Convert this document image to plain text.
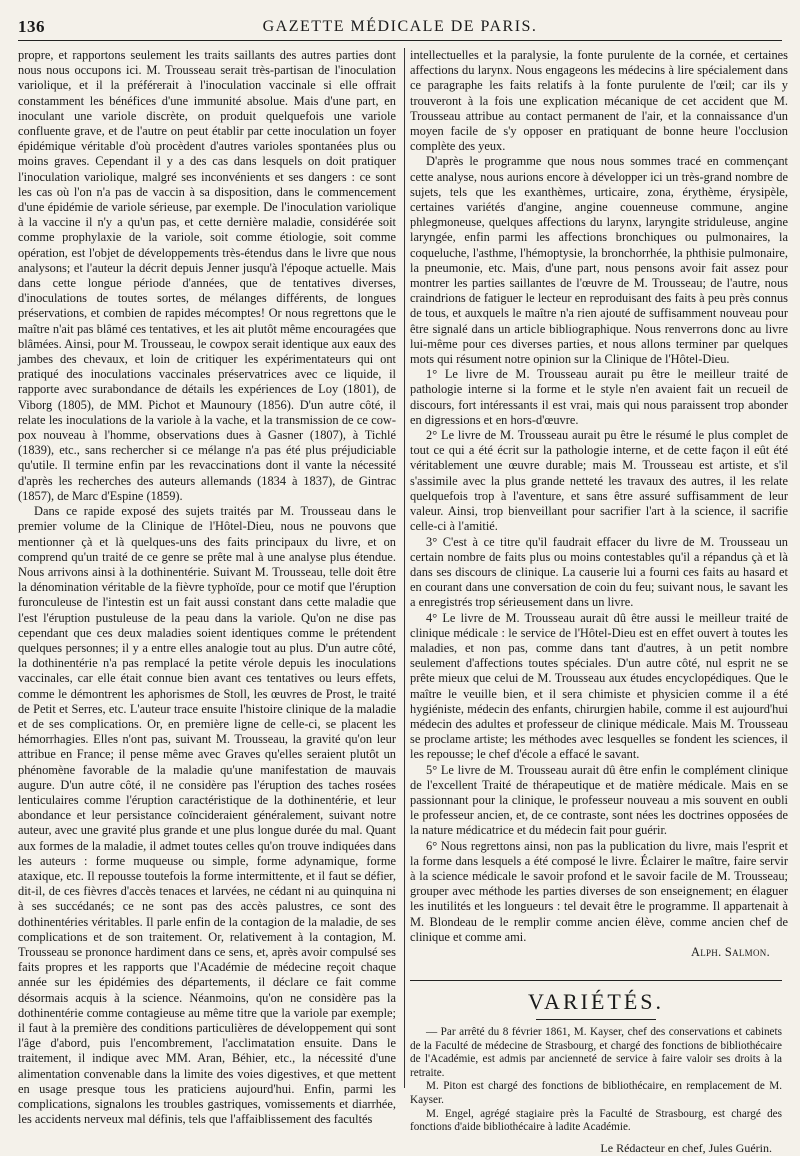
136	GAZETTE MÉDICALE DE PARIS.

propre, et rapportons seulement les traits saillants des autres parties dont nous nous occupons ici. M. Trousseau serait très-partisan de l'inoculation variolique, et il la préférerait à l'inoculation vaccinale si elle offrait constamment les bénéfices d'une immunité absolue. Mais d'une part, en inoculant une variole discrète, on produit quelquefois une variole confluente grave, et de l'autre on peut établir par cette inoculation un foyer épidémique véritable d'où procèdent d'autres varioles spontanées plus ou moins graves. Cependant il y a des cas dans lesquels on doit pratiquer l'inoculation variolique, malgré ses inconvénients et ses dangers : ce sont les cas où l'on n'a pas de vaccin à sa disposition, dans le commencement d'une épidémie de variole sérieuse, par exemple. De l'inoculation variolique à la vaccine il n'y a qu'un pas, et cette dernière maladie, considérée soit comme prophylaxie de la variole, soit comme étiologie, soit comme opération, est l'objet de développements très-étendus dans le livre que nous analysons; et l'auteur la décrit depuis Jenner jusqu'à l'époque actuelle. Mais dans cette longue période d'années, que de tentatives diverses, d'inoculations de toutes sortes, de mélanges différents, de longues préservations, et combien de rapides mécomptes! Or nous regrettons que le maître n'ait pas blâmé ces tentatives, et les ait plutôt même encouragées que blâmées. Ainsi, pour M. Trousseau, le cowpox serait identique aux eaux des jambes des chevaux, et loin de critiquer les expérimentateurs qui ont pratiqué des inoculations vaccinales préservatrices avec ce liquide, il rapporte avec surabondance de détails les expériences de Loy (1801), de Viborg (1805), de MM. Pichot et Maunoury (1856). D'un autre côté, il relate les inoculations de la variole à la vache, et la transmission de ce cow-pox nouveau à l'homme, observations dues à Gasner (1807), à Tichlé (1839), etc., sans rechercher si ce mélange n'a pas été plus préjudiciable qu'utile. Il termine enfin par les revaccinations dont il vante la nécessité d'après les recherches des auteurs allemands (1834 à 1837), de Gintrac (1857), de Marc d'Espine (1859).

Dans ce rapide exposé des sujets traités par M. Trousseau dans le premier volume de la Clinique de l'Hôtel-Dieu, nous ne pouvons que mentionner çà et là quelques-uns des faits principaux du livre, et on comprend qu'un traité de ce genre se prête mal à une analyse plus étendue. Nous arrivons ainsi à la dothinentérie. Suivant M. Trousseau, telle doit être la dénomination véritable de la fièvre typhoïde, pour ce motif que l'éruption furonculeuse de l'intestin est un fait aussi constant dans cette maladie que l'est l'éruption pustuleuse de la peau dans la variole. Qu'on ne dise pas cependant que ces deux maladies soient identiques comme le prétendent quelques personnes; il y a entre elles analogie tout au plus. D'un autre côté, la dothinentérie n'a pas remplacé la petite vérole depuis les inoculations vaccinales, car elle était connue bien avant ces tentatives ou leurs effets, comme le démontrent les aphorismes de Stoll, les œuvres de Prost, le traité de Petit et Serres, etc. L'auteur trace ensuite l'histoire clinique de la maladie et de ses complications. Or, en première ligne de celle-ci, se placent les hémorrhagies. Elles n'ont pas, suivant M. Trousseau, la gravité qu'on leur attribue en France; il pense même avec Graves qu'elles seraient plutôt un phénomène favorable de la maladie qu'une manifestation de mauvais augure. D'un autre côté, il ne considère pas l'éruption des taches rosées lenticulaires comme l'éruption caractéristique de la dothinentérie, et leur abondance et leur persistance coïncideraient généralement, suivant notre auteur, avec une gravité plus grande et une plus longue durée du mal. Quant aux formes de la maladie, il admet toutes celles qu'on trouve indiquées dans les auteurs : forme muqueuse ou simple, forme adynamique, forme ataxique, etc. Il repousse toutefois la forme intermittente, et il faut se défier, dit-il, de ces fièvres d'accès tenaces et larvées, ne cédant ni au quinquina ni à ses succédanés; ce ne sont pas des accès palustres, ce sont des dothinentéries véritables. Il parle enfin de la contagion de la maladie, de ses complications et de son traitement. Or, relativement à la contagion, M. Trousseau se prononce hardiment dans ce sens, et, après avoir compulsé ses faits propres et les rapports que l'Académie de médecine reçoit chaque année sur les épidémies des départements, il déclare ce fait comme désormais acquis à la science. Néanmoins, qu'on ne considère pas la dothinentérie comme contagieuse au même titre que la variole par exemple; il faut à la première des conditions particulières de développement qui sont l'âge d'abord, puis l'encombrement, l'acclimatation ensuite. Dans le traitement, il indique avec MM. Aran, Béhier, etc., la nécessité d'une alimentation convenable dans la limite des voies digestives, et que mettent en usage presque tous les praticiens aujourd'hui. Enfin, parmi les complications, signalons les troubles gastriques, vomissements et diarrhée, les accidents nerveux mal définis, tels que l'affaiblissement des facultés

intellectuelles et la paralysie, la fonte purulente de la cornée, et certaines affections du larynx. Nous engageons les médecins à lire spécialement dans ce paragraphe les faits relatifs à la fonte purulente de l'œil; car ils y trouveront à la fois une explication mécanique de cet accident que M. Trousseau attribue au contact permanent de l'air, et la connaissance d'un moyen facile de s'y opposer en pratiquant de bonne heure l'occlusion complète des yeux.

D'après le programme que nous nous sommes tracé en commençant cette analyse, nous aurions encore à développer ici un très-grand nombre de sujets, tels que les exanthèmes, urticaire, zona, érythème, érysipèle, certaines variétés d'angine, angine couenneuse commune, angine phlegmoneuse, quelques affections du larynx, laryngite striduleuse, angine laryngée, enfin parmi les affections bronchiques ou pulmonaires, la coqueluche, l'asthme, l'hémoptysie, la bronchorrhée, la phthisie pulmonaire, la pneumonie, etc. Mais, d'une part, nous pensons avoir fait assez pour montrer les parties saillantes de l'œuvre de M. Trousseau; de l'autre, nous craindrions de fatiguer le lecteur en reproduisant des faits à peu près connus de tous, et auxquels le maître n'a rien ajouté de suffisamment nouveau pour être signalé dans un article bibliographique. Nous renverrons donc au livre lui-même pour ces diverses parties, et nous allons terminer par quelques mots qui résument notre opinion sur la Clinique de l'Hôtel-Dieu.

1° Le livre de M. Trousseau aurait pu être le meilleur traité de pathologie interne si la forme et le style n'en avaient fait un recueil de discours, fort intéressants il est vrai, mais qui nous paraissent trop abonder en digressions et en hors-d'œuvre.

2° Le livre de M. Trousseau aurait pu être le résumé le plus complet de tout ce qui a été écrit sur la pathologie interne, et de cette façon il eût été véritablement une œuvre durable; mais M. Trousseau est artiste, et s'il s'assimile avec la plus grande netteté les travaux des autres, il les relate quelquefois trop à l'aventure, et sans être assuré suffisamment de leur valeur. Ainsi, trop bienveillant pour sacrifier l'art à la science, il sacrifie celle-ci à l'amitié.

3° C'est à ce titre qu'il faudrait effacer du livre de M. Trousseau un certain nombre de faits plus ou moins contestables qu'il a répandus çà et là dans ses discours de clinique. La causerie lui a fourni ces faits au hasard et en courant dans une conversation de coin du feu; suivant nous, le savant les a enregistrés trop sérieusement dans un livre.

4° Le livre de M. Trousseau aurait dû être aussi le meilleur traité de clinique médicale : le service de l'Hôtel-Dieu est en effet ouvert à toutes les maladies, et non pas, comme dans tant d'autres, à un petit nombre seulement d'affections toutes spéciales. D'un autre côté, nul esprit ne se prête mieux que celui de M. Trousseau aux études encyclopédiques. Que le maître le veuille bien, et il sera chimiste et physicien comme il a été hygiéniste, médecin des enfants, chirurgien habile, comme il est aujourd'hui médecin des adultes et professeur de clinique médicale. Mais M. Trousseau se proclame artiste; les méthodes avec lesquelles se fondent les sciences, il les repousse; le chef d'école a effacé le savant.

5° Le livre de M. Trousseau aurait dû être enfin le complément clinique de l'excellent Traité de thérapeutique et de matière médicale. Mais en se passionnant pour la clinique, le professeur nouveau a mis souvent en oubli le professeur ancien, et, de ce contraste, sont nées les doctrines opposées de la nature médicatrice et du médecin fait pour guérir.

6° Nous regrettons ainsi, non pas la publication du livre, mais l'esprit et la forme dans lesquels a été composé le livre. Éclairer le maître, faire servir à la science médicale le savoir profond et le savoir facile de M. Trousseau; grouper avec méthode les parties diverses de son enseignement; en élaguer les inutilités et les longueurs : tel devait être le programme. Il appartenait à M. Blondeau de le remplir comme ancien élève, comme ancien chef de clinique et comme ami.

Alph. Salmon.

VARIÉTÉS.

— Par arrêté du 8 février 1861, M. Kayser, chef des conservations et cabinets de la Faculté de médecine de Strasbourg, et chargé des fonctions de bibliothécaire de l'Académie, est admis par ancienneté de service à faire valoir ses droits à la retraite.

M. Piton est chargé des fonctions de bibliothécaire, en remplacement de M. Kayser.

M. Engel, agrégé stagiaire près la Faculté de Strasbourg, est chargé des fonctions d'aide bibliothécaire à ladite Académie.

Le Rédacteur en chef, Jules Guérin.
